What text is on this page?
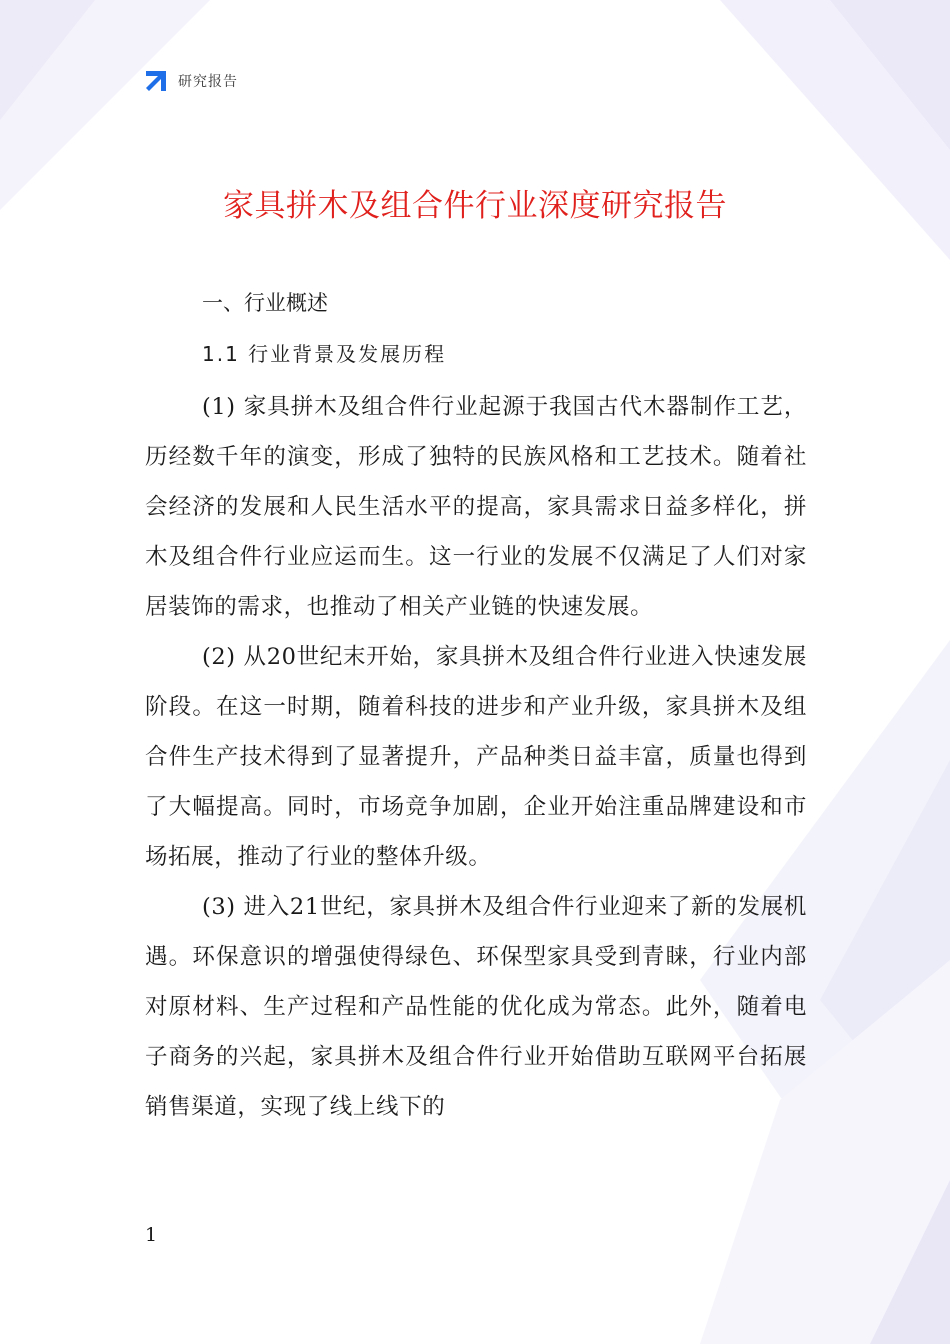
研究报告
家具拼木及组合件行业深度研究报告
一、行业概述
1.1 行业背景及发展历程

(1) 家具拼木及组合件行业起源于我国古代木器制作工艺，历经数千年的演变，形成了独特的民族风格和工艺技术。随着社会经济的发展和人民生活水平的提高，家具需求日益多样化，拼木及组合件行业应运而生。这一行业的发展不仅满足了人们对家居装饰的需求，也推动了相关产业链的快速发展。

(2) 从20世纪末开始，家具拼木及组合件行业进入快速发展阶段。在这一时期，随着科技的进步和产业升级，家具拼木及组合件生产技术得到了显著提升，产品种类日益丰富，质量也得到了大幅提高。同时，市场竞争加剧，企业开始注重品牌建设和市场拓展，推动了行业的整体升级。

(3) 进入21世纪，家具拼木及组合件行业迎来了新的发展机遇。环保意识的增强使得绿色、环保型家具受到青睐，行业内部对原材料、生产过程和产品性能的优化成为常态。此外，随着电子商务的兴起，家具拼木及组合件行业开始借助互联网平台拓展销售渠道，实现了线上线下的

1
